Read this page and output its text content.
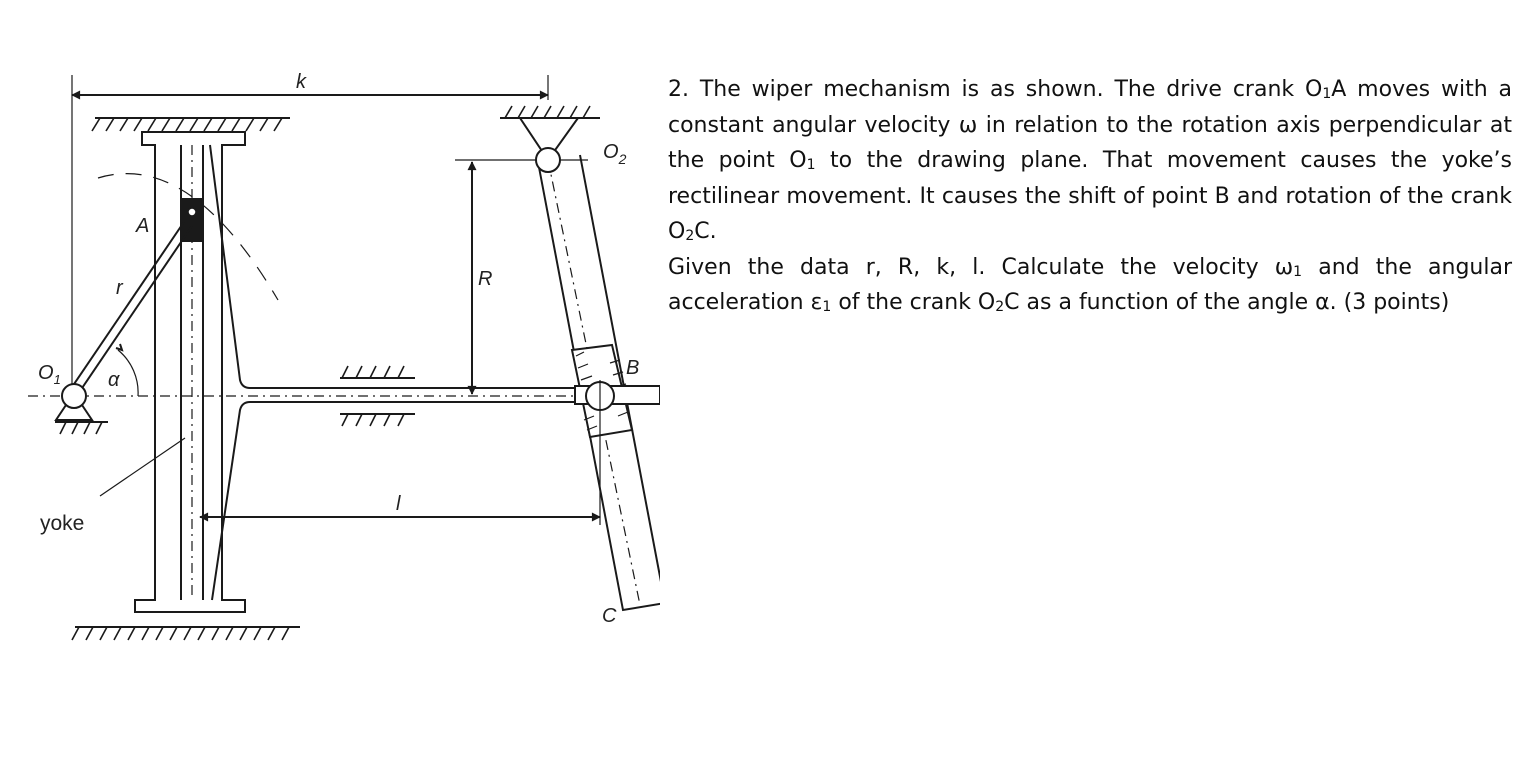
k
R
l
A
r
α
$O_1$
$O_2$
B
C
yoke

2. The wiper mechanism is as shown. The drive crank $O_1A$ moves with a constant angular velocity ω in relation to the rotation axis perpendicular at the point $O_1$ to the drawing plane. That movement causes the yoke’s rectilinear movement. It causes the shift of point B and rotation of the crank $O_2C$.

Given the data r, R, k, l. Calculate the velocity $\omega_1$ and the angular acceleration $\varepsilon_1$ of the crank $O_2C$ as a function of the angle α. (3 points)
